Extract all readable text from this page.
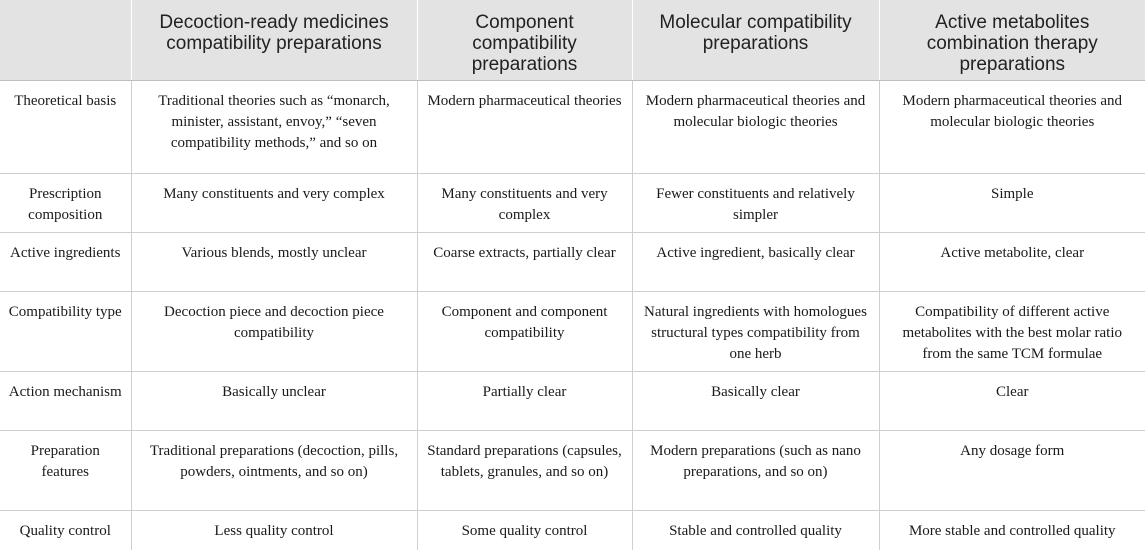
	Decoction-ready medicines compatibility preparations	Component compatibility preparations	Molecular compatibility preparations	Active metabolites combination therapy preparations
Theoretical basis	Traditional theories such as “monarch, minister, assistant, envoy,” “seven compatibility methods,” and so on	Modern pharmaceutical theories	Modern pharmaceutical theories and molecular biologic theories	Modern pharmaceutical theories and molecular biologic theories
Prescription composition	Many constituents and very complex	Many constituents and very complex	Fewer constituents and relatively simpler	Simple
Active ingredients	Various blends, mostly unclear	Coarse extracts, partially clear	Active ingredient, basically clear	Active metabolite, clear
Compatibility type	Decoction piece and decoction piece compatibility	Component and component compatibility	Natural ingredients with homologues structural types compatibility from one herb	Compatibility of different active metabolites with the best molar ratio from the same TCM formulae
Action mechanism	Basically unclear	Partially clear	Basically clear	Clear
Preparation features	Traditional preparations (decoction, pills, powders, ointments, and so on)	Standard preparations (capsules, tablets, granules, and so on)	Modern preparations (such as nano preparations, and so on)	Any dosage form
Quality control	Less quality control	Some quality control	Stable and controlled quality	More stable and controlled quality
